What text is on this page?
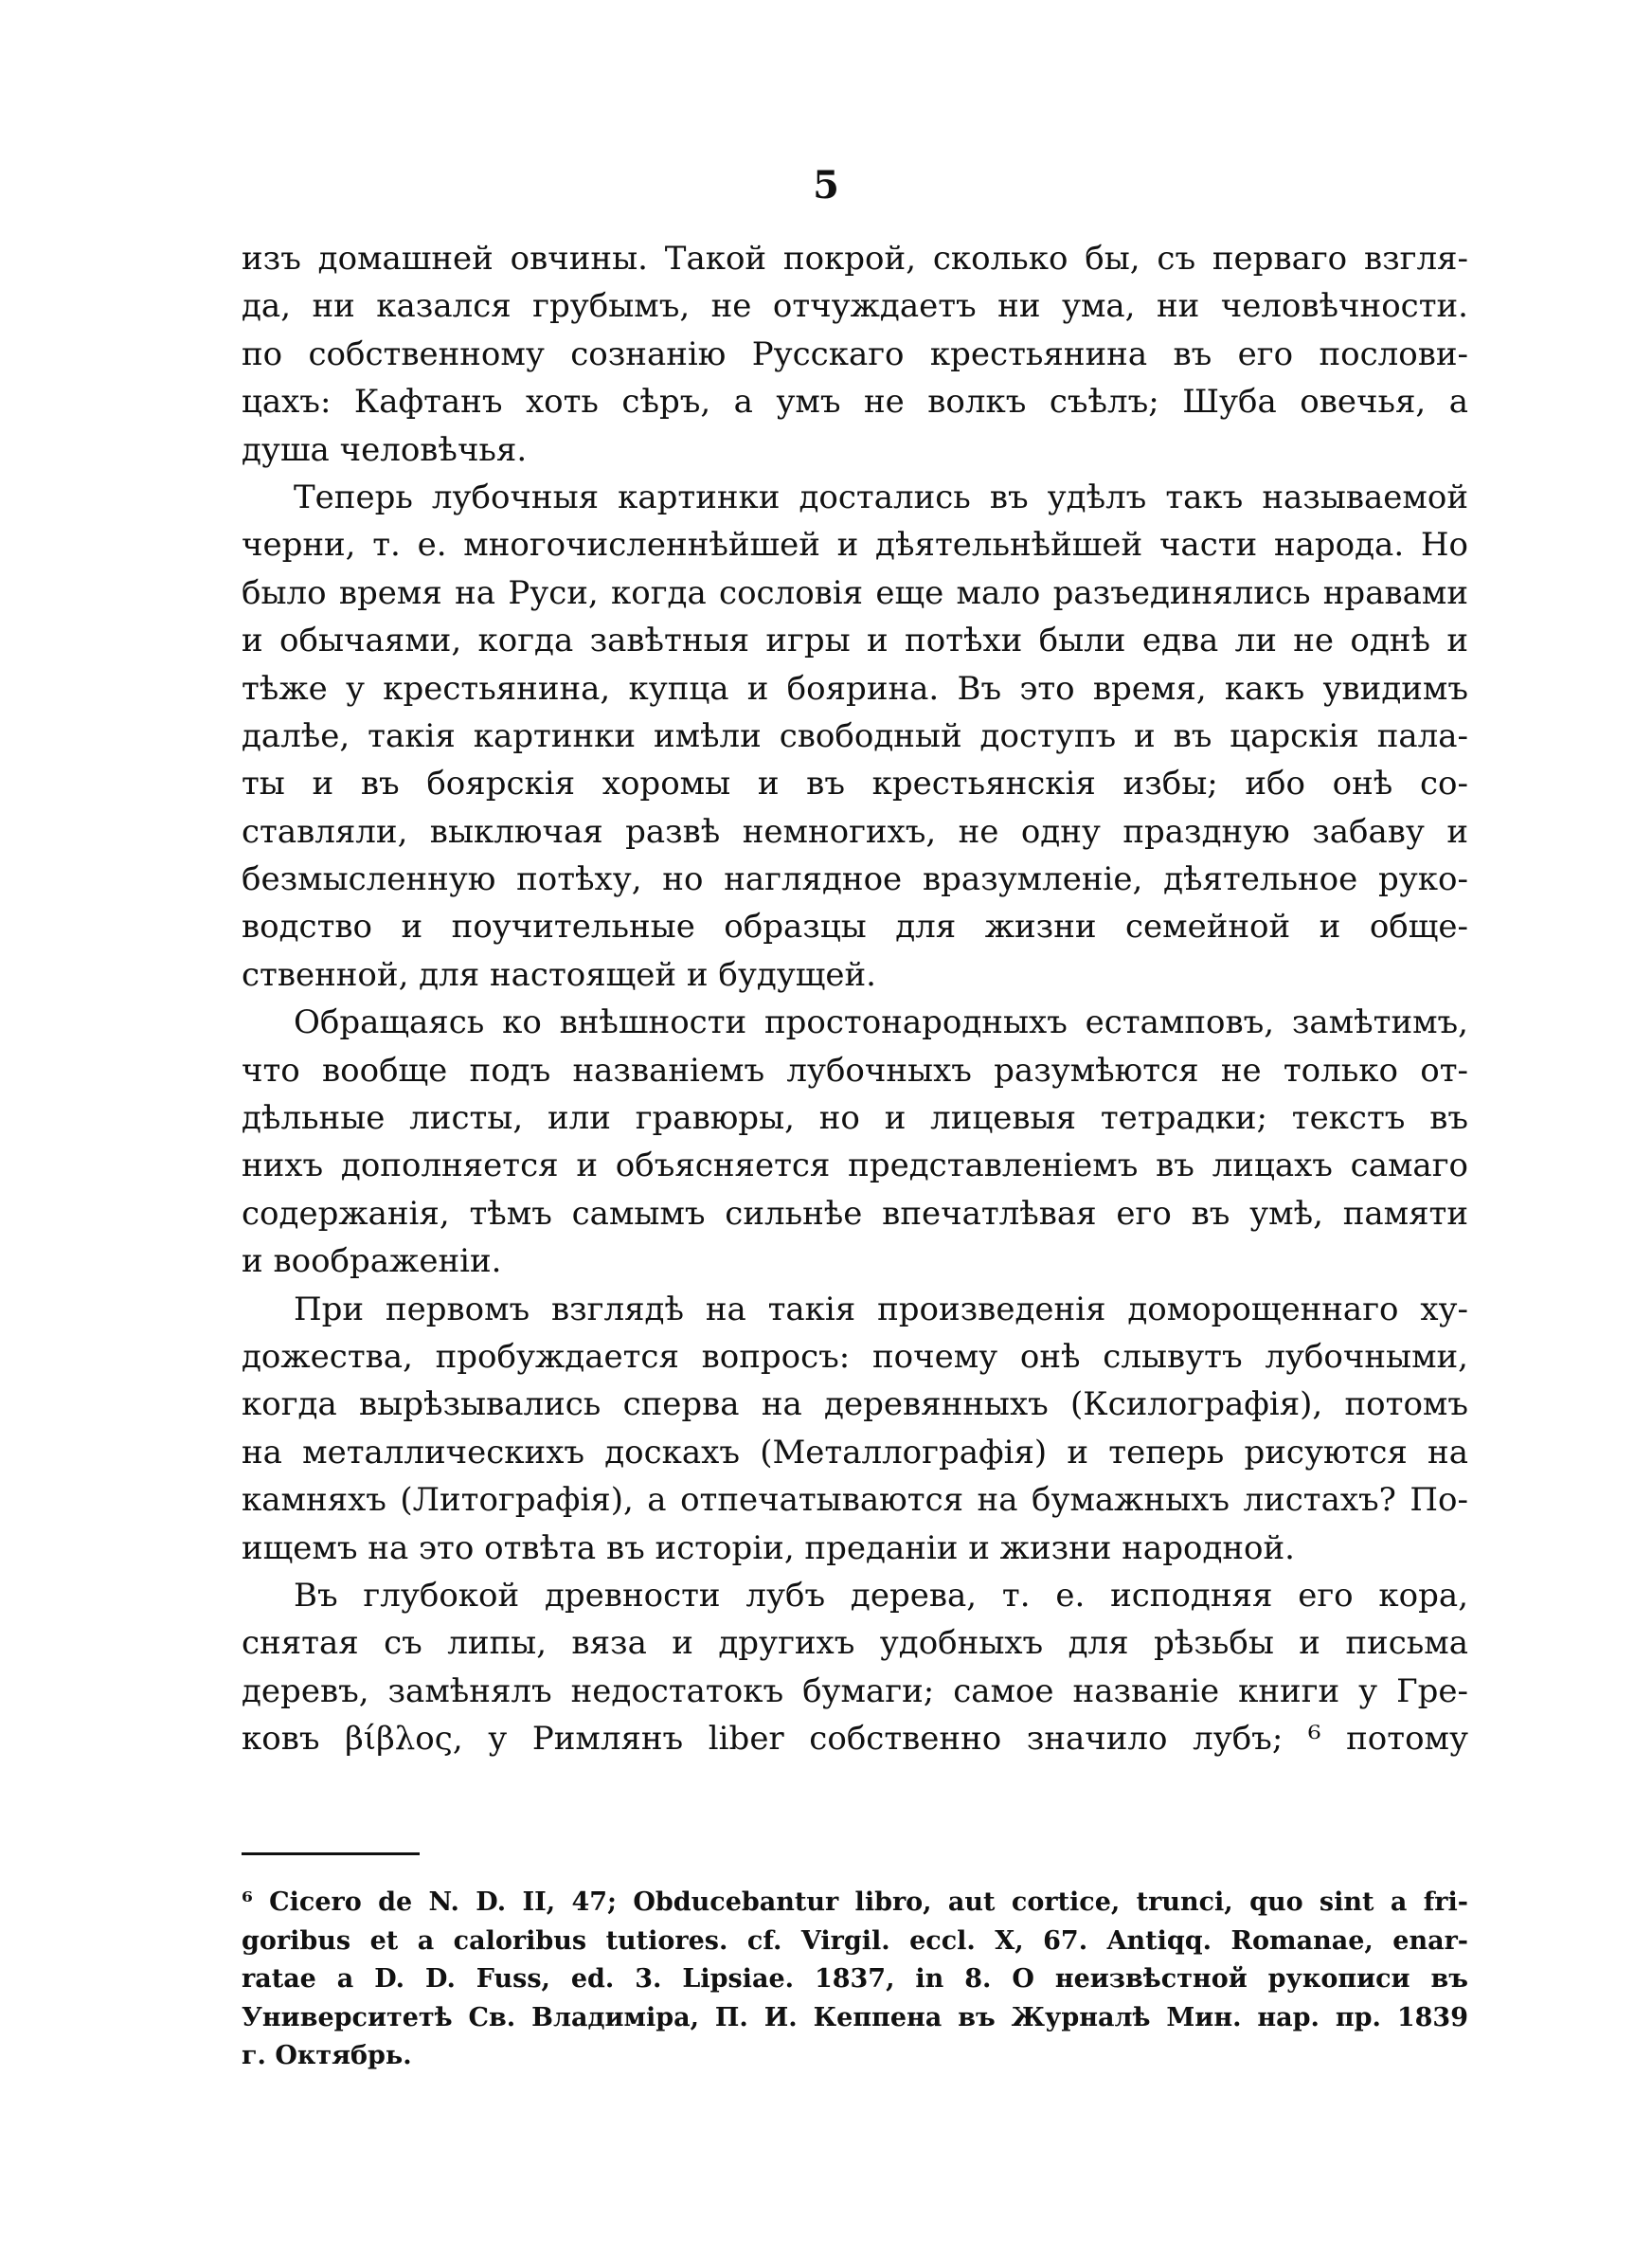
5
изъ домашней овчины. Такой покрой, сколько бы, съ перваго взгля-
да, ни казался грубымъ, не отчуждаетъ ни ума, ни человѣчности.
по собственному сознанію Русскаго крестьянина въ его послови-
цахъ: Кафтанъ хоть сѣръ, а умъ не волкъ съѣлъ; Шуба овечья, а
душа человѣчья.
Теперь лубочныя картинки достались въ удѣлъ такъ называемой
черни, т. е. многочисленнѣйшей и дѣятельнѣйшей части народа. Но
было время на Руси, когда сословія еще мало разъединялись нравами
и обычаями, когда завѣтныя игры и потѣхи были едва ли не однѣ и
тѣже у крестьянина, купца и боярина. Въ это время, какъ увидимъ
далѣе, такія картинки имѣли свободный доступъ и въ царскія пала-
ты и въ боярскія хоромы и въ крестьянскія избы; ибо онѣ со-
ставляли, выключая развѣ немногихъ, не одну праздную забаву и
безмысленную потѣху, но наглядное вразумленіе, дѣятельное руко-
водство и поучительные образцы для жизни семейной и обще-
ственной, для настоящей и будущей.
Обращаясь ко внѣшности простонародныхъ естамповъ, замѣтимъ,
что вообще подъ названіемъ лубочныхъ разумѣются не только от-
дѣльные листы, или гравюры, но и лицевыя тетрадки; текстъ въ
нихъ дополняется и объясняется представленіемъ въ лицахъ самаго
содержанія, тѣмъ самымъ сильнѣе впечатлѣвая его въ умѣ, памяти
и воображеніи.
При первомъ взглядѣ на такія произведенія доморощеннаго ху-
дожества, пробуждается вопросъ: почему онѣ слывутъ лубочными,
когда вырѣзывались сперва на деревянныхъ (Ксилографія), потомъ
на металлическихъ доскахъ (Металлографія) и теперь рисуются на
камняхъ (Литографія), а отпечатываются на бумажныхъ листахъ? По-
ищемъ на это отвѣта въ исторіи, преданіи и жизни народной.
Въ глубокой древности лубъ дерева, т. е. исподняя его кора,
снятая съ липы, вяза и другихъ удобныхъ для рѣзьбы и письма
деревъ, замѣнялъ недостатокъ бумаги; самое названіе книги у Гре-
ковъ βίβλος, у Римлянъ liber собственно значило лубъ; ⁶ потому
⁶ Cicero de N. D. II, 47; Obducebantur libro, aut cortice, trunci, quo sint a fri-
goribus et a caloribus tutiores. cf. Virgil. eccl. X, 67. Antiqq. Romanae, enar-
ratae a D. D. Fuss, ed. 3. Lipsiae. 1837, in 8. О неизвѣстной рукописи въ
Университетѣ Св. Владиміра, П. И. Кеппена въ Журналѣ Мин. нар. пр. 1839
г. Октябрь.
